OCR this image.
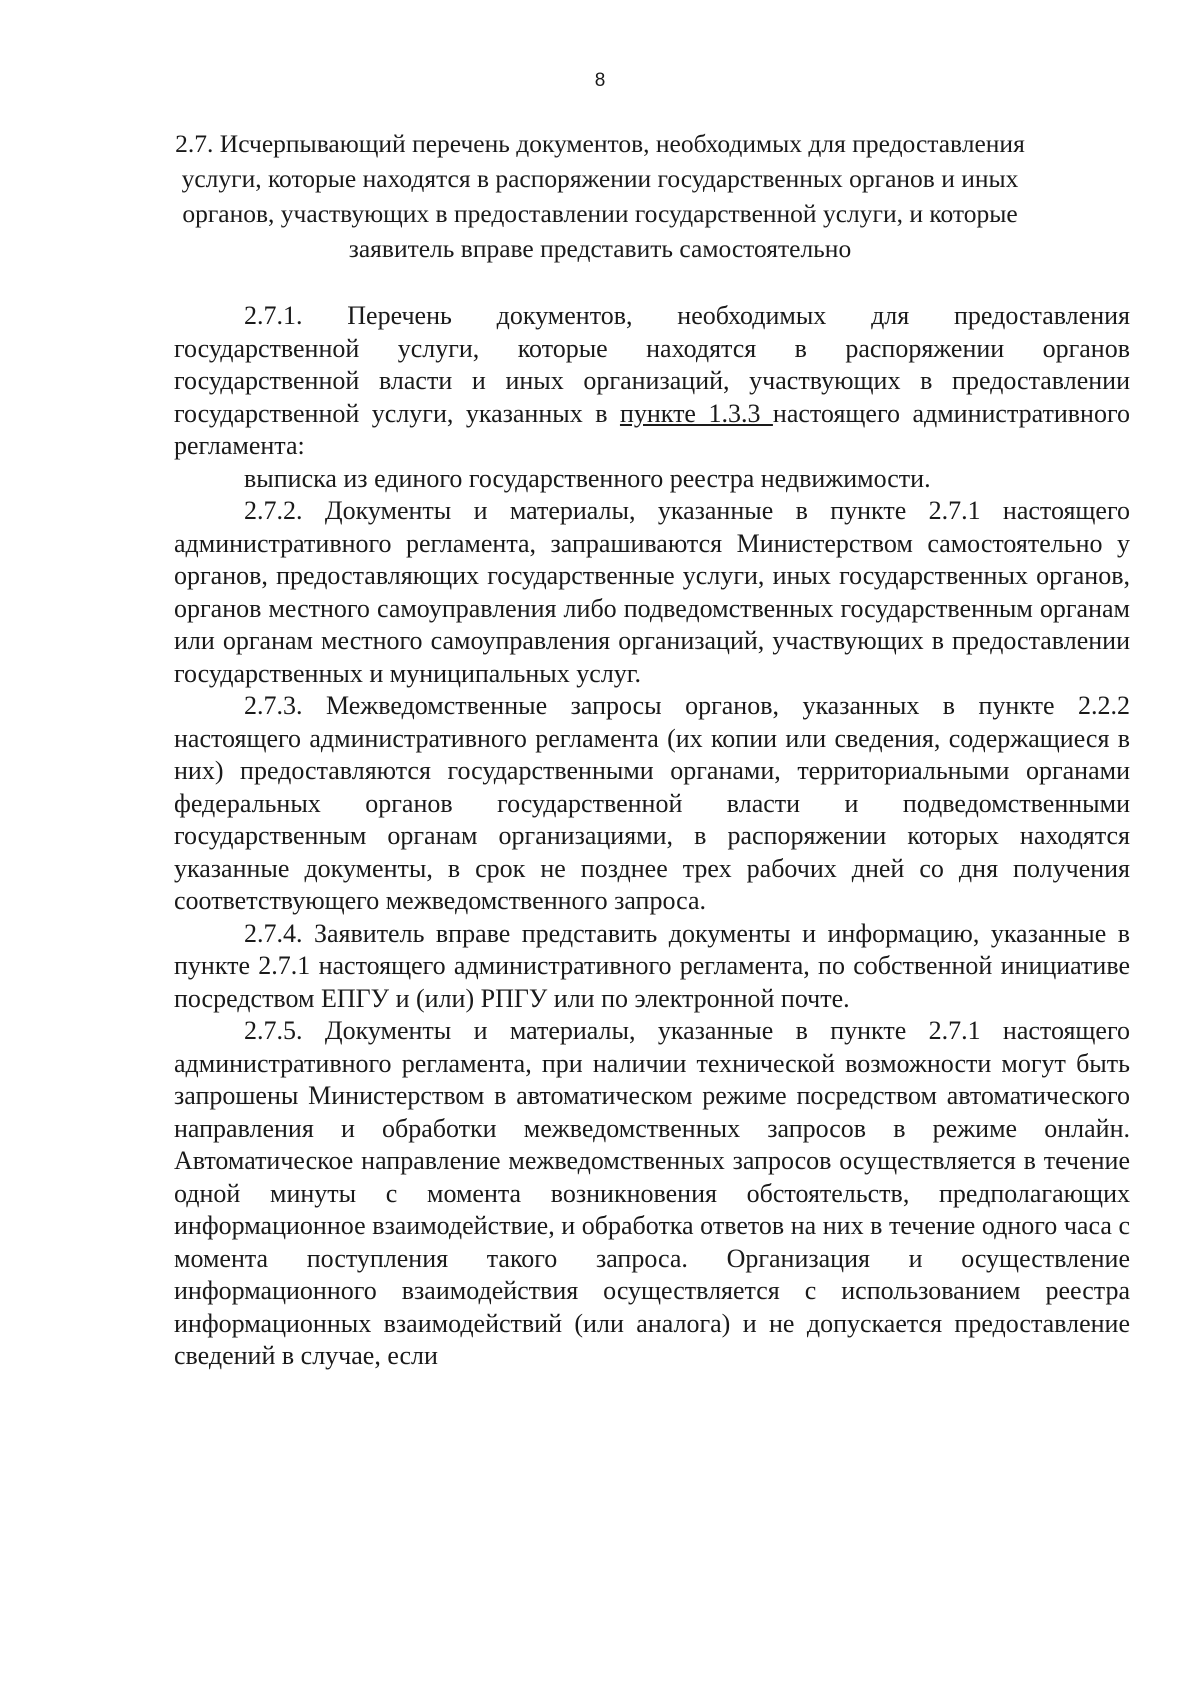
8
2.7. Исчерпывающий перечень документов, необходимых для предоставления услуги, которые находятся в распоряжении государственных органов и иных органов, участвующих в предоставлении государственной услуги, и которые заявитель вправе представить самостоятельно

2.7.1. Перечень документов, необходимых для предоставления государственной услуги, которые находятся в распоряжении органов государственной власти и иных организаций, участвующих в предоставлении государственной услуги, указанных в пункте 1.3.3 настоящего административного регламента:

выписка из единого государственного реестра недвижимости.

2.7.2. Документы и материалы, указанные в пункте 2.7.1 настоящего административного регламента, запрашиваются Министерством самостоятельно у органов, предоставляющих государственные услуги, иных государственных органов, органов местного самоуправления либо подведомственных государственным органам или органам местного самоуправления организаций, участвующих в предоставлении государственных и муниципальных услуг.

2.7.3. Межведомственные запросы органов, указанных в пункте 2.2.2 настоящего административного регламента (их копии или сведения, содержащиеся в них) предоставляются государственными органами, территориальными органами федеральных органов государственной власти и подведомственными государственным органам организациями, в распоряжении которых находятся указанные документы, в срок не позднее трех рабочих дней со дня получения соответствующего межведомственного запроса.

2.7.4. Заявитель вправе представить документы и информацию, указанные в пункте 2.7.1 настоящего административного регламента, по собственной инициативе посредством ЕПГУ и (или) РПГУ или по электронной почте.

2.7.5. Документы и материалы, указанные в пункте 2.7.1 настоящего административного регламента, при наличии технической возможности могут быть запрошены Министерством в автоматическом режиме посредством автоматического направления и обработки межведомственных запросов в режиме онлайн. Автоматическое направление межведомственных запросов осуществляется в течение одной минуты с момента возникновения обстоятельств, предполагающих информационное взаимодействие, и обработка ответов на них в течение одного часа с момента поступления такого запроса. Организация и осуществление информационного взаимодействия осуществляется с использованием реестра информационных взаимодействий (или аналога) и не допускается предоставление сведений в случае, если
